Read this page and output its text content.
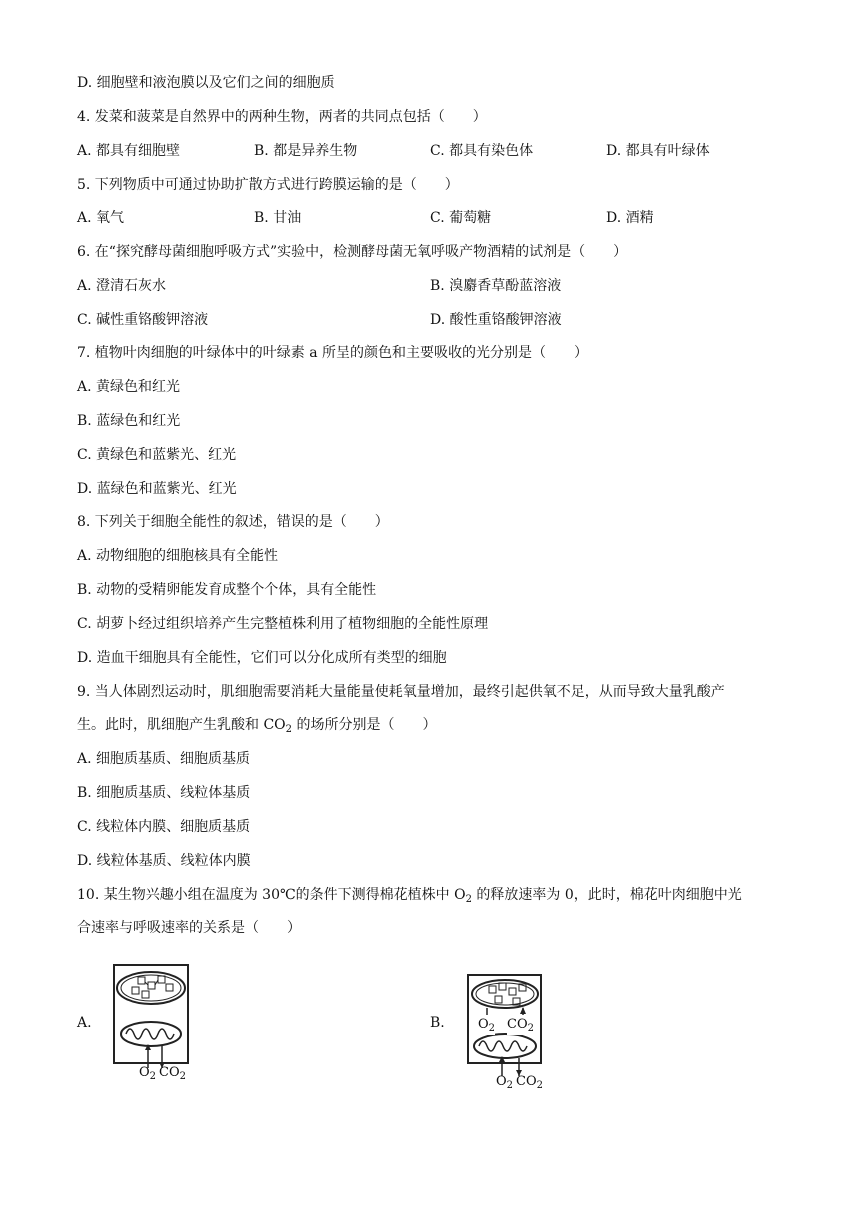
D. 细胞壁和液泡膜以及它们之间的细胞质
4. 发菜和菠菜是自然界中的两种生物，两者的共同点包括（　　）
A. 都具有细胞壁	B. 都是异养生物	C. 都具有染色体	D. 都具有叶绿体
5. 下列物质中可通过协助扩散方式进行跨膜运输的是（　　）
A. 氧气	B. 甘油	C. 葡萄糖	D. 酒精
6. 在“探究酵母菌细胞呼吸方式”实验中，检测酵母菌无氧呼吸产物酒精的试剂是（　　）
A. 澄清石灰水	B. 溴麝香草酚蓝溶液
C. 碱性重铬酸钾溶液	D. 酸性重铬酸钾溶液
7. 植物叶肉细胞的叶绿体中的叶绿素 a 所呈的颜色和主要吸收的光分别是（　　）
A. 黄绿色和红光
B. 蓝绿色和红光
C. 黄绿色和蓝紫光、红光
D. 蓝绿色和蓝紫光、红光
8. 下列关于细胞全能性的叙述，错误的是（　　）
A. 动物细胞的细胞核具有全能性
B. 动物的受精卵能发育成整个个体，具有全能性
C. 胡萝卜经过组织培养产生完整植株利用了植物细胞的全能性原理
D. 造血干细胞具有全能性，它们可以分化成所有类型的细胞
9. 当人体剧烈运动时，肌细胞需要消耗大量能量使耗氧量增加，最终引起供氧不足，从而导致大量乳酸产
生。此时，肌细胞产生乳酸和 $CO_2$ 的场所分别是（　　）
A. 细胞质基质、细胞质基质
B. 细胞质基质、线粒体基质
C. 线粒体内膜、细胞质基质
D. 线粒体基质、线粒体内膜
10. 某生物兴趣小组在温度为 30℃的条件下测得棉花植株中 $O_2$ 的释放速率为 0，此时，棉花叶肉细胞中光
合速率与呼吸速率的关系是（　　）
A.
$O_2$ $CO_2$
B.	$O_2$ $CO_2$
$O_2$ $CO_2$
